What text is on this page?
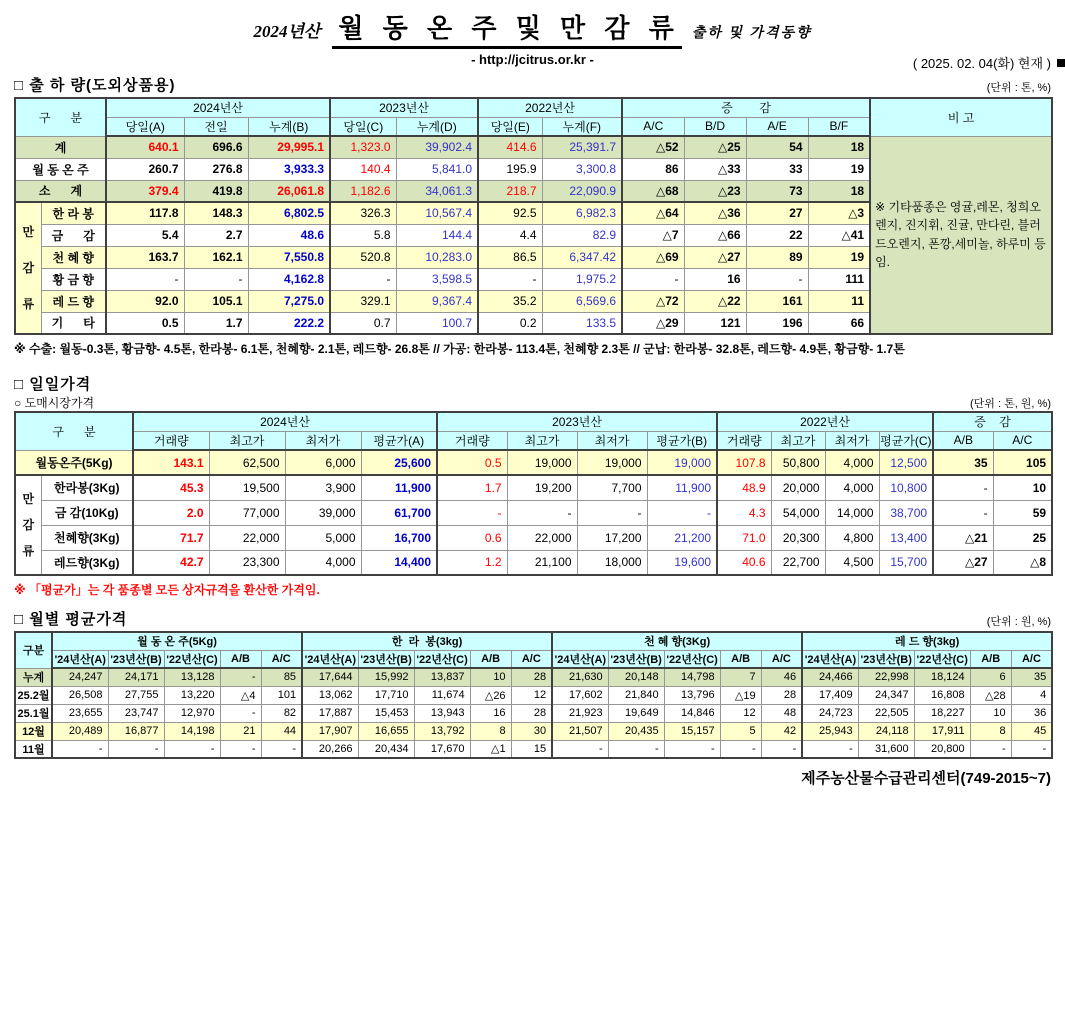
2024년산 월 동 온 주 및 만 감 류 출하 및 가격동향
- http://jcitrus.or.kr -	( 2025. 02. 04(화) 현재 )
□ 출 하 량(도외상품용)	(단위 : 톤, %)
구      분		2024년산			2023년산		2022년산		증        감				비 고
		당일(A)	전일	누계(B)	당일(C)	누계(D)	당일(E)	누계(F)	A/C	B/D	A/E	B/F	
계		640.1	696.6	29,995.1	1,323.0	39,902.4	414.6	25,391.7	△52	△25	54	18	※ 기타품종은 영귤,레몬, 청희오렌지, 진지휘, 진귤, 만다린, 블러드오렌지, 폰깡,세미놀, 하루미 등 임.
월 동 온 주		260.7	276.8	3,933.3	140.4	5,841.0	195.9	3,300.8	86	△33	33	19	
소      계		379.4	419.8	26,061.8	1,182.6	34,061.3	218.7	22,090.9	△68	△23	73	18	
만감류	한 라 봉	117.8	148.3	6,802.5	326.3	10,567.4	92.5	6,982.3	△64	△36	27	△3	
	금      감	5.4	2.7	48.6	5.8	144.4	4.4	82.9	△7	△66	22	△41	
	천 혜 향	163.7	162.1	7,550.8	520.8	10,283.0	86.5	6,347.42	△69	△27	89	19	
	황 금 향	-	-	4,162.8	-	3,598.5	-	1,975.2	-	16	-	111	
	레 드 향	92.0	105.1	7,275.0	329.1	9,367.4	35.2	6,569.6	△72	△22	161	11	
	기      타	0.5	1.7	222.2	0.7	100.7	0.2	133.5	△29	121	196	66	
※ 수출: 월동-0.3톤, 황금향- 4.5톤, 한라봉- 6.1톤, 천혜향- 2.1톤, 레드향- 26.8톤 // 가공: 한라봉- 113.4톤, 천혜향 2.3톤 // 군납: 한라봉- 32.8톤, 레드향- 4.9톤, 황금향- 1.7톤
□ 일일가격
○ 도매시장가격	(단위 : 톤, 원, %)
구      분		2024년산				2023년산				2022년산				증    감	
		거래량	최고가	최저가	평균가(A)	거래량	최고가	최저가	평균가(B)	거래량	최고가	최저가	평균가(C)	A/B	A/C
월동온주(5Kg)		143.1	62,500	6,000	25,600	0.5	19,000	19,000	19,000	107.8	50,800	4,000	12,500	35	105
만감류	한라봉(3Kg)	45.3	19,500	3,900	11,900	1.7	19,200	7,700	11,900	48.9	20,000	4,000	10,800	-	10
	금 감(10Kg)	2.0	77,000	39,000	61,700	-	-	-	-	4.3	54,000	14,000	38,700	-	59
	천혜향(3Kg)	71.7	22,000	5,000	16,700	0.6	22,000	17,200	21,200	71.0	20,300	4,800	13,400	△21	25
	레드향(3Kg)	42.7	23,300	4,000	14,400	1.2	21,100	18,000	19,600	40.6	22,700	4,500	15,700	△27	△8
※ 「평균가」는 각 품종별 모든 상자규격을 환산한 가격임.
□ 월별 평균가격	(단위 : 원, %)
구분	월 동 온 주(5Kg)					한  라  봉(3kg)					천 혜 향(3Kg)					레 드 향(3kg)				
	'24년산(A)	'23년산(B)	'22년산(C)	A/B	A/C	'24년산(A)	'23년산(B)	'22년산(C)	A/B	A/C	'24년산(A)	'23년산(B)	'22년산(C)	A/B	A/C	'24년산(A)	'23년산(B)	'22년산(C)	A/B	A/C
누계	24,247	24,171	13,128	-	85	17,644	15,992	13,837	10	28	21,630	20,148	14,798	7	46	24,466	22,998	18,124	6	35
25.2월	26,508	27,755	13,220	△4	101	13,062	17,710	11,674	△26	12	17,602	21,840	13,796	△19	28	17,409	24,347	16,808	△28	4
25.1월	23,655	23,747	12,970	-	82	17,887	15,453	13,943	16	28	21,923	19,649	14,846	12	48	24,723	22,505	18,227	10	36
12월	20,489	16,877	14,198	21	44	17,907	16,655	13,792	8	30	21,507	20,435	15,157	5	42	25,943	24,118	17,911	8	45
11월	-	-	-	-	-	20,266	20,434	17,670	△1	15	-	-	-	-	-	-	31,600	20,800	-	-
제주농산물수급관리센터(749-2015~7)
